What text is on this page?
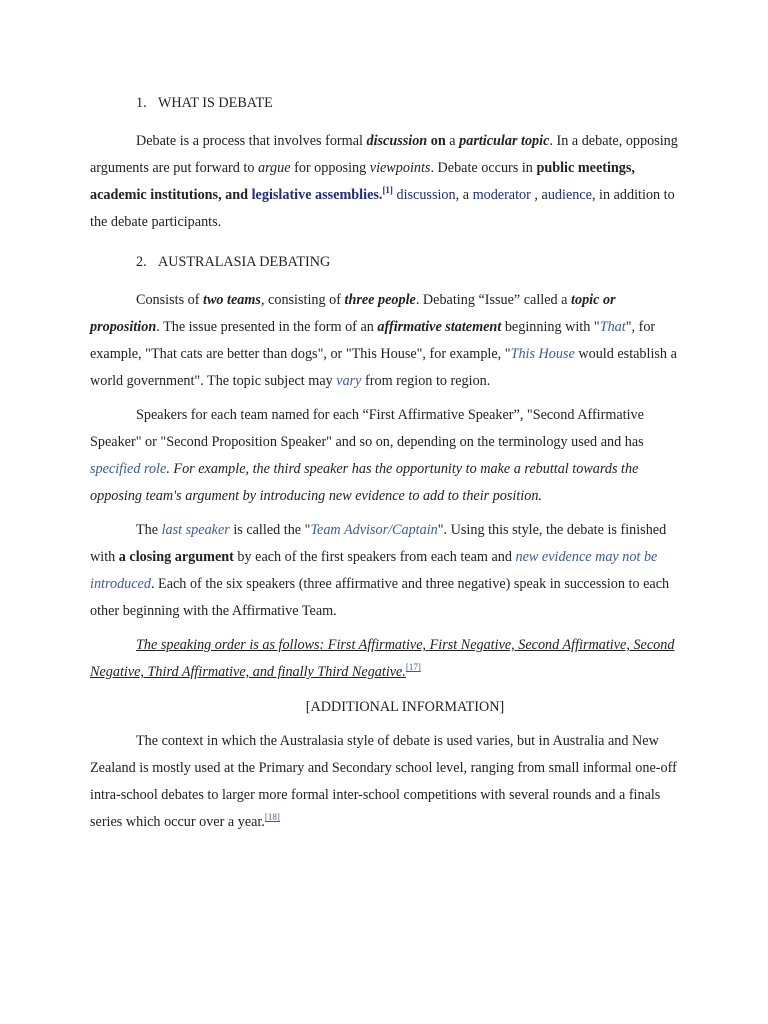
1. WHAT IS DEBATE

Debate is a process that involves formal discussion on a particular topic. In a debate, opposing arguments are put forward to argue for opposing viewpoints. Debate occurs in public meetings, academic institutions, and legislative assemblies.[1] discussion, a moderator , audience, in addition to the debate participants.

2. AUSTRALASIA DEBATING

Consists of two teams, consisting of three people. Debating “Issue” called a topic or proposition. The issue presented in the form of an affirmative statement beginning with "That", for example, "That cats are better than dogs", or "This House", for example, "This House would establish a world government". The topic subject may vary from region to region.

Speakers for each team named for each “First Affirmative Speaker”, "Second Affirmative Speaker" or "Second Proposition Speaker" and so on, depending on the terminology used and has specified role. For example, the third speaker has the opportunity to make a rebuttal towards the opposing team's argument by introducing new evidence to add to their position.

The last speaker is called the "Team Advisor/Captain". Using this style, the debate is finished with a closing argument by each of the first speakers from each team and new evidence may not be introduced. Each of the six speakers (three affirmative and three negative) speak in succession to each other beginning with the Affirmative Team.

The speaking order is as follows: First Affirmative, First Negative, Second Affirmative, Second Negative, Third Affirmative, and finally Third Negative.[17]

[ADDITIONAL INFORMATION]

The context in which the Australasia style of debate is used varies, but in Australia and New Zealand is mostly used at the Primary and Secondary school level, ranging from small informal one-off intra-school debates to larger more formal inter-school competitions with several rounds and a finals series which occur over a year.[18]
